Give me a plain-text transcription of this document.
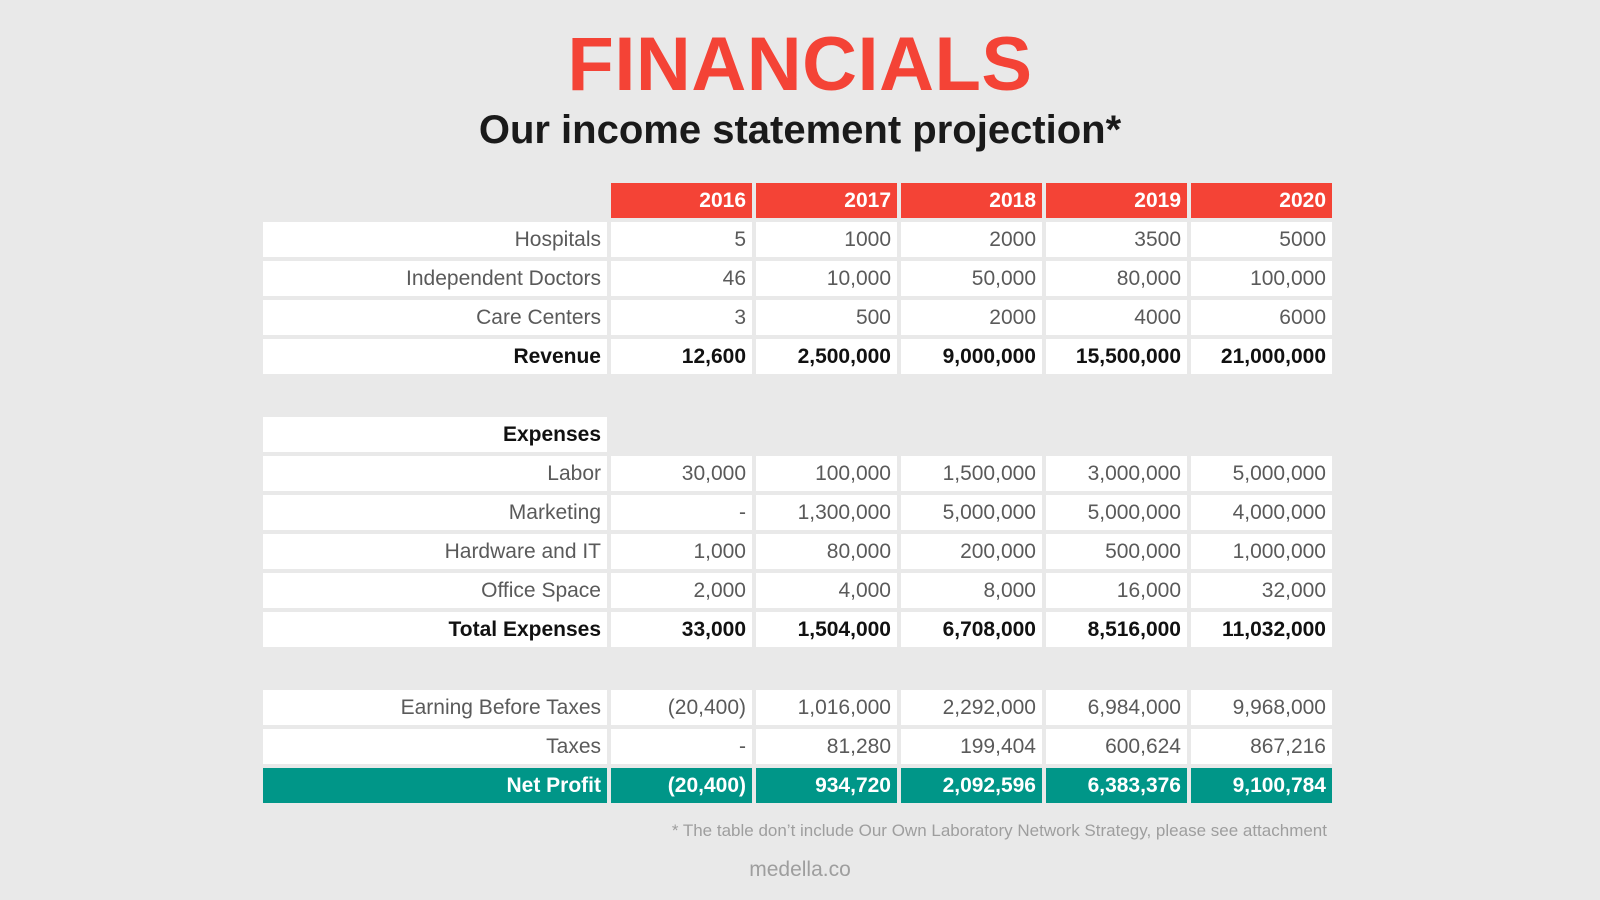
FINANCIALS
Our income statement projection*
	2016	2017	2018	2019	2020
Hospitals	5	1000	2000	3500	5000
Independent Doctors	46	10,000	50,000	80,000	100,000
Care Centers	3	500	2000	4000	6000
Revenue	12,600	2,500,000	9,000,000	15,500,000	21,000,000

Expenses					
Labor	30,000	100,000	1,500,000	3,000,000	5,000,000
Marketing	-	1,300,000	5,000,000	5,000,000	4,000,000
Hardware and IT	1,000	80,000	200,000	500,000	1,000,000
Office Space	2,000	4,000	8,000	16,000	32,000
Total Expenses	33,000	1,504,000	6,708,000	8,516,000	11,032,000

Earning Before Taxes	(20,400)	1,016,000	2,292,000	6,984,000	9,968,000
Taxes	-	81,280	199,404	600,624	867,216
Net Profit	(20,400)	934,720	2,092,596	6,383,376	9,100,784
* The table don’t include Our Own Laboratory Network Strategy, please see attachment
medella.co
